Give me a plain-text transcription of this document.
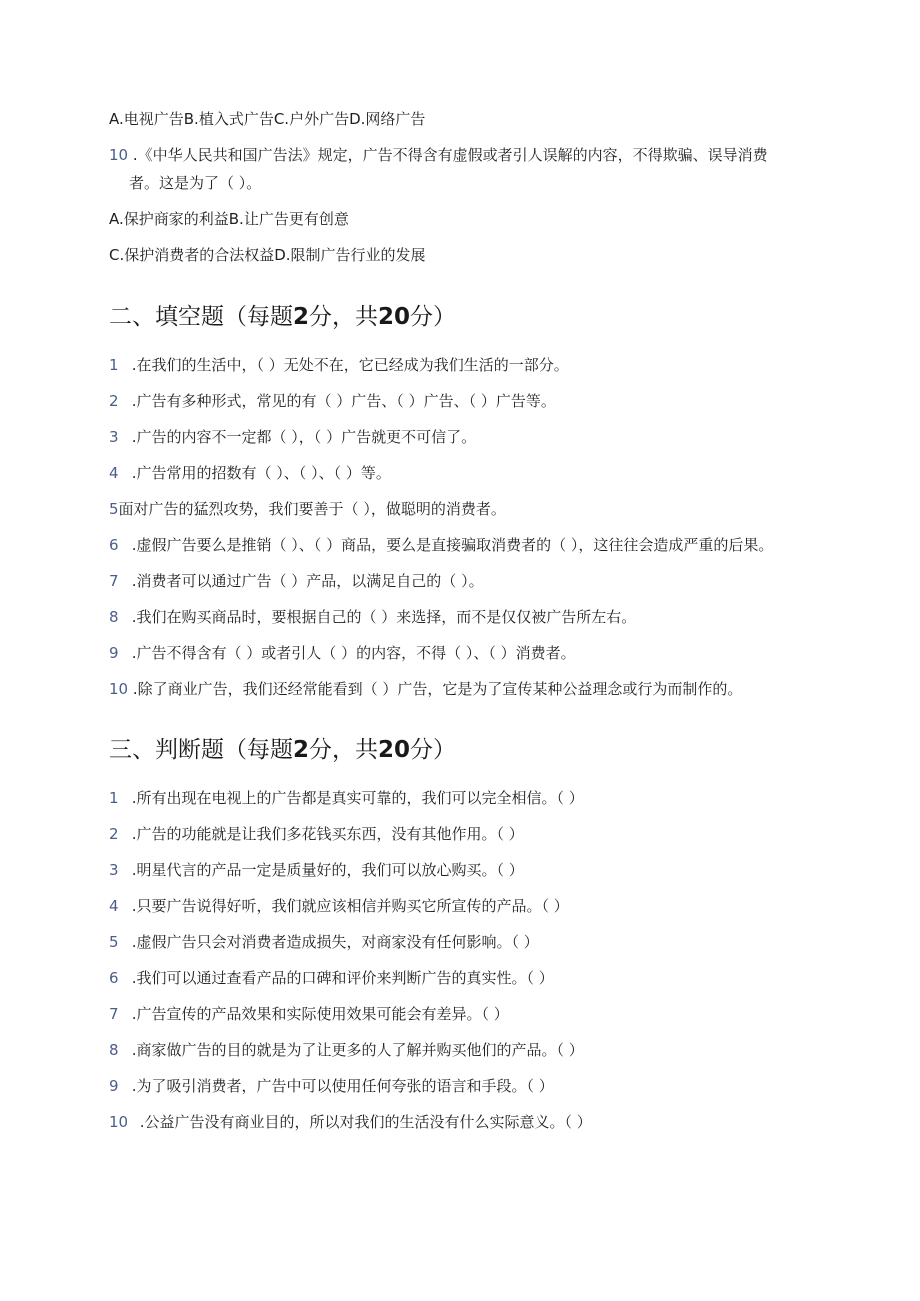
A.电视广告B.植入式广告C.户外广告D.网络广告
10 .《中华人民共和国广告法》规定，广告不得含有虚假或者引人误解的内容，不得欺骗、误导消费
者。这是为了（ ）。
A.保护商家的利益B.让广告更有创意
C.保护消费者的合法权益D.限制广告行业的发展
二、填空题（每题2分，共20分）
1 .在我们的生活中，（ ）无处不在，它已经成为我们生活的一部分。
2 .广告有多种形式，常见的有（ ）广告、（ ）广告、（ ）广告等。
3 .广告的内容不一定都（ ），（ ）广告就更不可信了。
4 .广告常用的招数有（ ）、（ ）、（ ）等。
5面对广告的猛烈攻势，我们要善于（ ），做聪明的消费者。
6 .虚假广告要么是推销（ ）、（ ）商品，要么是直接骗取消费者的（ ），这往往会造成严重的后果。
7 .消费者可以通过广告（ ）产品，以满足自己的（ ）。
8 .我们在购买商品时，要根据自己的（ ）来选择，而不是仅仅被广告所左右。
9 .广告不得含有（ ）或者引人（ ）的内容，不得（ ）、（ ）消费者。
10 .除了商业广告，我们还经常能看到（ ）广告，它是为了宣传某种公益理念或行为而制作的。
三、判断题（每题2分，共20分）
1 .所有出现在电视上的广告都是真实可靠的，我们可以完全相信。（ ）
2 .广告的功能就是让我们多花钱买东西，没有其他作用。（ ）
3 .明星代言的产品一定是质量好的，我们可以放心购买。（ ）
4 .只要广告说得好听，我们就应该相信并购买它所宣传的产品。（ ）
5 .虚假广告只会对消费者造成损失，对商家没有任何影响。（ ）
6 .我们可以通过查看产品的口碑和评价来判断广告的真实性。（ ）
7 .广告宣传的产品效果和实际使用效果可能会有差异。（ ）
8 .商家做广告的目的就是为了让更多的人了解并购买他们的产品。（ ）
9 .为了吸引消费者，广告中可以使用任何夸张的语言和手段。（ ）
10 .公益广告没有商业目的，所以对我们的生活没有什么实际意义。（ ）
